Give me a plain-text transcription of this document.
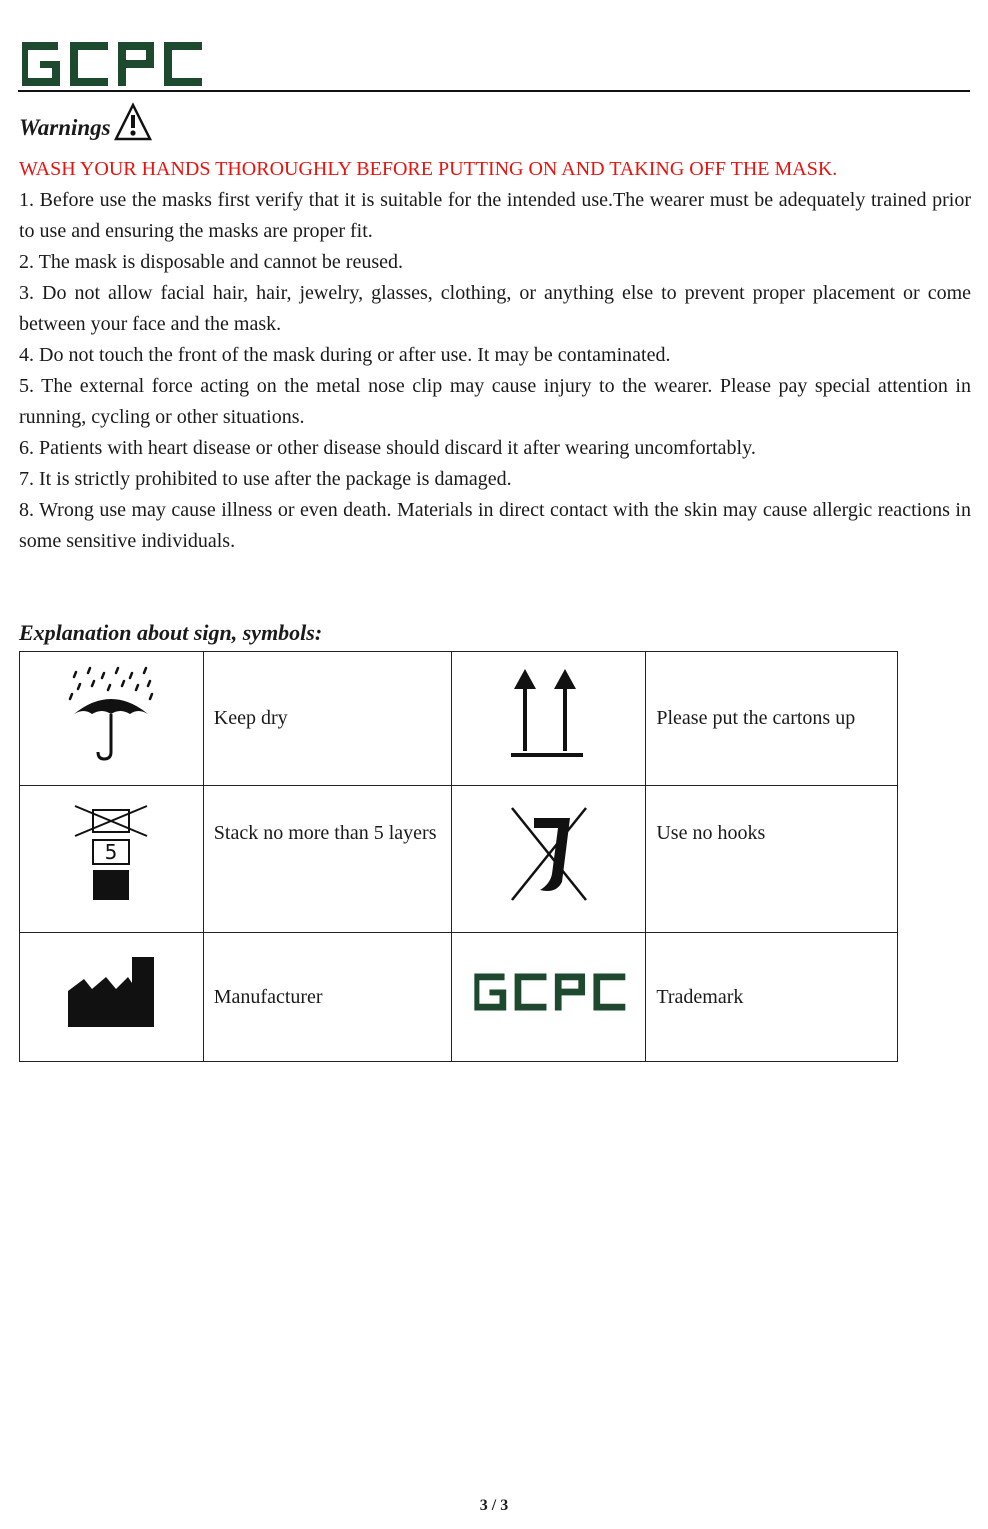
Warnings

WASH YOUR HANDS THOROUGHLY BEFORE PUTTING ON AND TAKING OFF THE MASK.

1. Before use the masks first verify that it is suitable for the intended use.The wearer must be adequately trained prior to use and ensuring the masks are proper fit.

2. The mask is disposable and cannot be reused.

3. Do not allow facial hair, hair, jewelry, glasses, clothing, or anything else to prevent proper placement or come between your face and the mask.

4. Do not touch the front of the mask during or after use. It may be contaminated.

5. The external force acting on the metal nose clip may cause injury to the wearer. Please pay special attention in running, cycling or other situations.

6. Patients with heart disease or other disease should discard it after wearing uncomfortably.

7. It is strictly prohibited to use after the package is damaged.

8. Wrong use may cause illness or even death. Materials in direct contact with the skin may cause allergic reactions in some sensitive individuals.

Explanation about sign, symbols:
	Keep dry		Please put the cartons up

5	Stack no more than 5 layers		Use no hooks
	Manufacturer		Trademark
3 / 3
